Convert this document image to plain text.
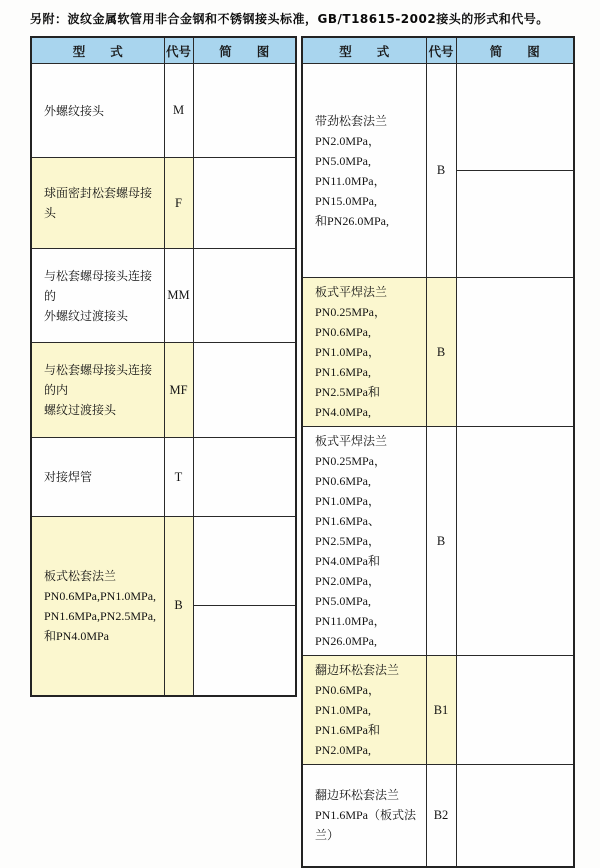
另附：波纹金属软管用非合金钢和不锈钢接头标准，GB/T18615-2002接头的形式和代号。
型　　式	代号	简　　图

外螺纹接头	M	

球面密封松套螺母接头	F	

与松套螺母接头连接的
外螺纹过渡接头	MM	

与松套螺母接头连接的内
螺纹过渡接头	MF	

对接焊管	T	

板式松套法兰
PN0.6MPa,PN1.0MPa,
PN1.6MPa,PN2.5MPa,
和PN4.0MPa	B	
型　　式	代号	简　　图

带劲松套法兰
PN2.0MPa，PN5.0MPa,
PN11.0MPa，PN15.0MPa,
和PN26.0MPa,	B	

板式平焊法兰
PN0.25MPa，PN0.6MPa,
PN1.0MPa，PN1.6MPa,
PN2.5MPa和PN4.0MPa,	B	

板式平焊法兰
PN0.25MPa，PN0.6MPa,
PN1.0MPa，PN1.6MPa、
PN2.5MPa，PN4.0MPa和
PN2.0MPa，PN5.0MPa,
PN11.0MPa，PN26.0MPa,
	B	

翻边环松套法兰
PN0.6MPa，PN1.0MPa,
PN1.6MPa和PN2.0MPa,	B1	

翻边环松套法兰
PN1.6MPa（板式法兰）	B2	
